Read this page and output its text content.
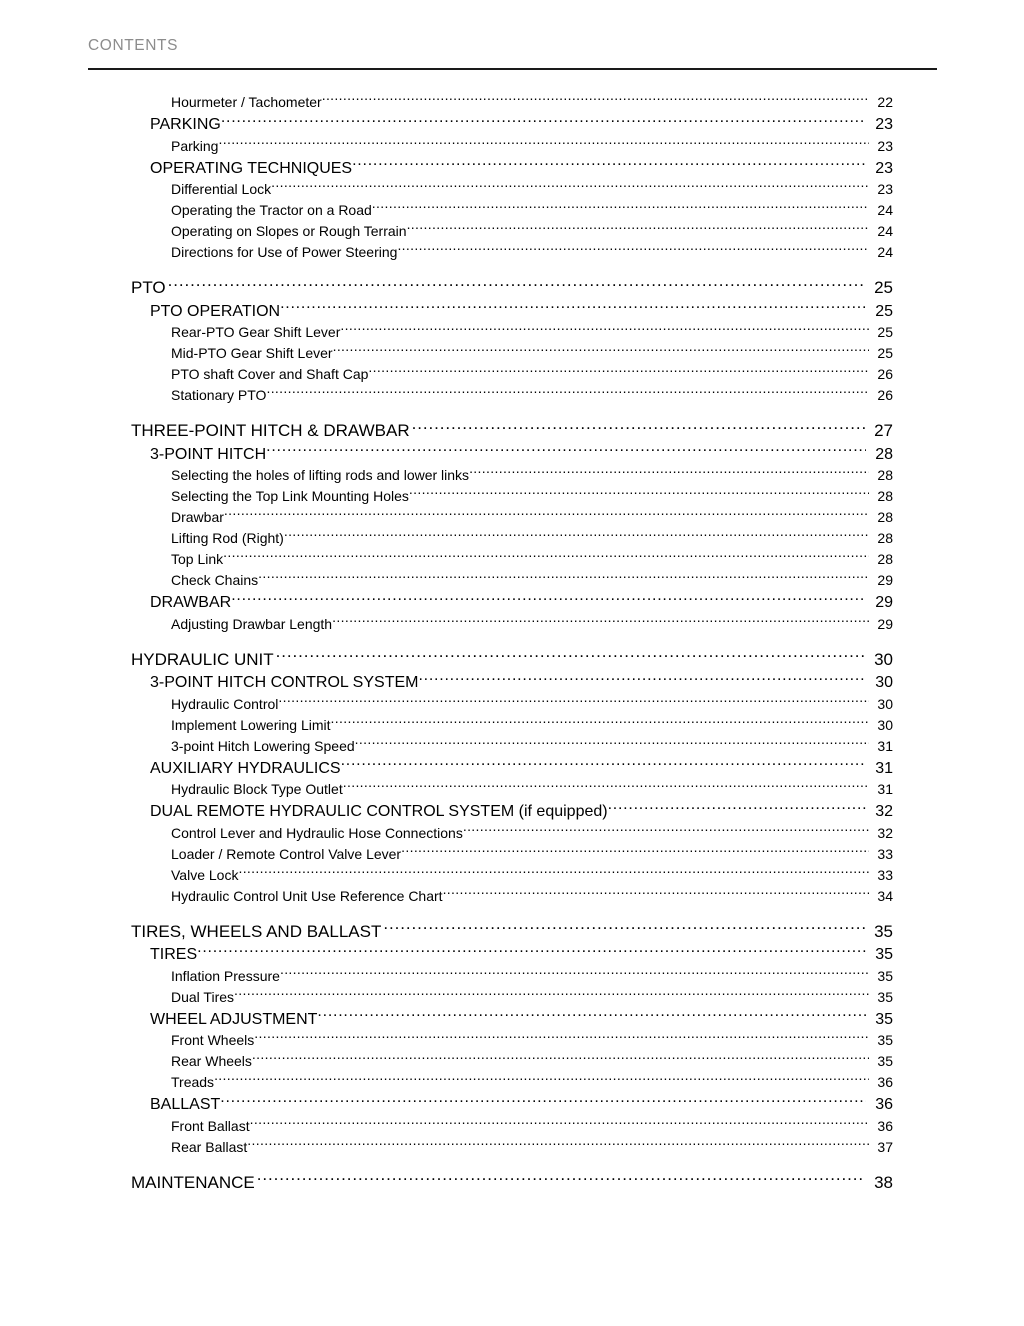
CONTENTS
Hourmeter / Tachometer .....	22
PARKING .....	23
Parking .....	23
OPERATING TECHNIQUES .....	23
Differential Lock .....	23
Operating the Tractor on a Road .....	24
Operating on Slopes or Rough Terrain .....	24
Directions for Use of Power Steering .....	24
PTO .....	25
PTO OPERATION .....	25
Rear-PTO Gear Shift Lever .....	25
Mid-PTO Gear Shift Lever .....	25
PTO shaft Cover and Shaft Cap .....	26
Stationary PTO .....	26
THREE-POINT HITCH & DRAWBAR .....	27
3-POINT HITCH .....	28
Selecting the holes of lifting rods and lower links .....	28
Selecting the Top Link Mounting Holes .....	28
Drawbar .....	28
Lifting Rod (Right) .....	28
Top Link .....	28
Check Chains .....	29
DRAWBAR .....	29
Adjusting Drawbar Length .....	29
HYDRAULIC UNIT .....	30
3-POINT HITCH CONTROL SYSTEM .....	30
Hydraulic Control .....	30
Implement Lowering Limit .....	30
3-point Hitch Lowering Speed .....	31
AUXILIARY HYDRAULICS .....	31
Hydraulic Block Type Outlet .....	31
DUAL REMOTE HYDRAULIC CONTROL SYSTEM (if equipped) .....	32
Control Lever and Hydraulic Hose Connections .....	32
Loader / Remote Control Valve Lever .....	33
Valve Lock .....	33
Hydraulic Control Unit Use Reference Chart .....	34
TIRES, WHEELS AND BALLAST .....	35
TIRES .....	35
Inflation Pressure .....	35
Dual Tires .....	35
WHEEL ADJUSTMENT .....	35
Front Wheels .....	35
Rear Wheels .....	35
Treads .....	36
BALLAST .....	36
Front Ballast .....	36
Rear Ballast .....	37
MAINTENANCE .....	38
